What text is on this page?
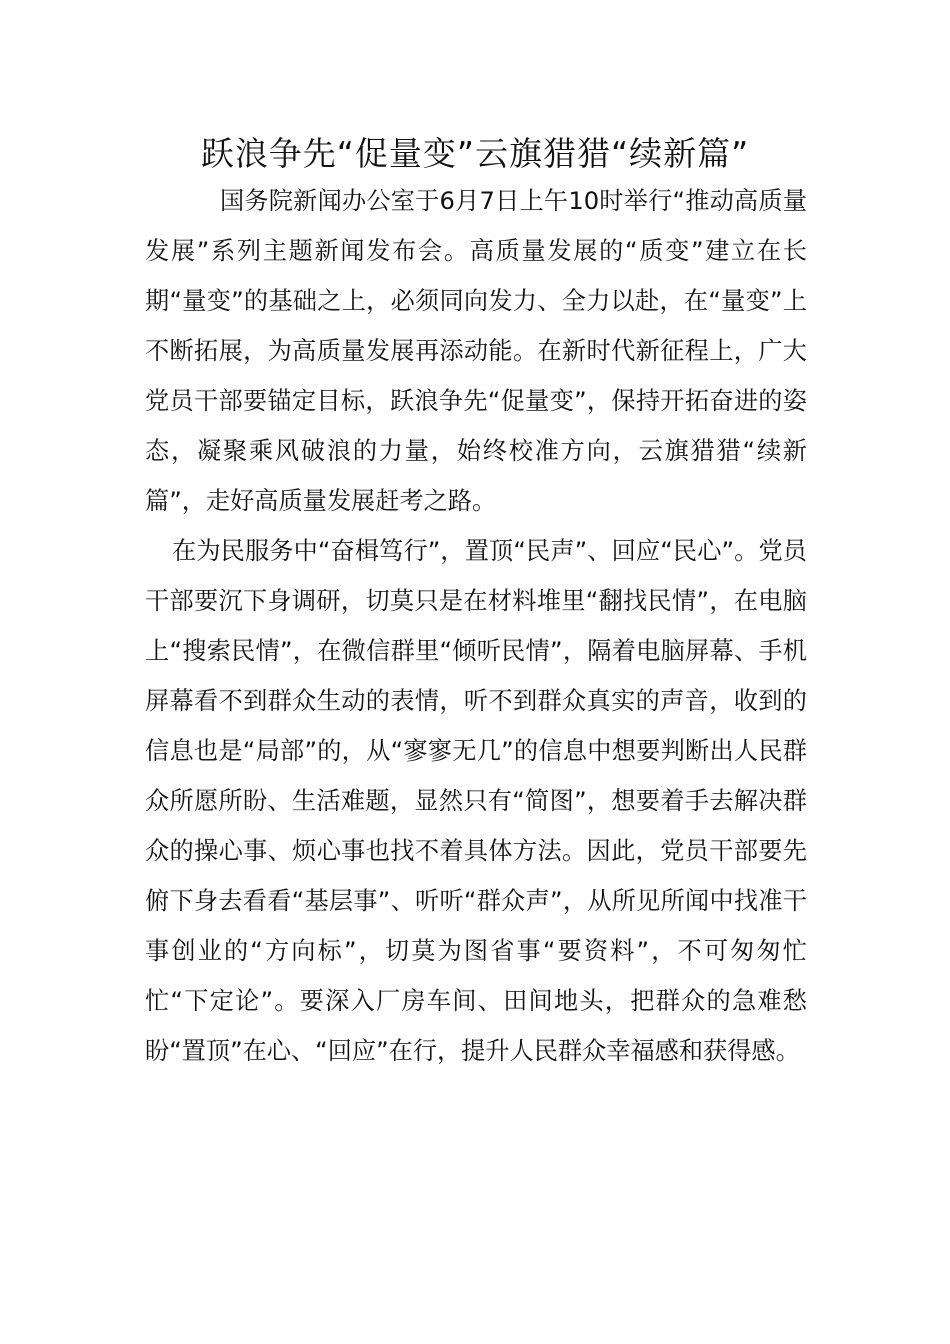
跃浪争先“促量变”云旗猎猎“续新篇”

国务院新闻办公室于6月7日上午10时举行“推动高质量发展”系列主题新闻发布会。高质量发展的“质变”建立在长期“量变”的基础之上，必须同向发力、全力以赴，在“量变”上不断拓展，为高质量发展再添动能。在新时代新征程上，广大党员干部要锚定目标，跃浪争先“促量变”，保持开拓奋进的姿态，凝聚乘风破浪的力量，始终校准方向，云旗猎猎“续新篇”，走好高质量发展赶考之路。

在为民服务中“奋楫笃行”，置顶“民声”、回应“民心”。党员干部要沉下身调研，切莫只是在材料堆里“翻找民情”，在电脑上“搜索民情”，在微信群里“倾听民情”，隔着电脑屏幕、手机屏幕看不到群众生动的表情，听不到群众真实的声音，收到的信息也是“局部”的，从“寥寥无几”的信息中想要判断出人民群众所愿所盼、生活难题，显然只有“简图”，想要着手去解决群众的操心事、烦心事也找不着具体方法。因此，党员干部要先俯下身去看看“基层事”、听听“群众声”，从所见所闻中找准干事创业的“方向标”，切莫为图省事“要资料”，不可匆匆忙忙“下定论”。要深入厂房车间、田间地头，把群众的急难愁盼“置顶”在心、“回应”在行，提升人民群众幸福感和获得感。
